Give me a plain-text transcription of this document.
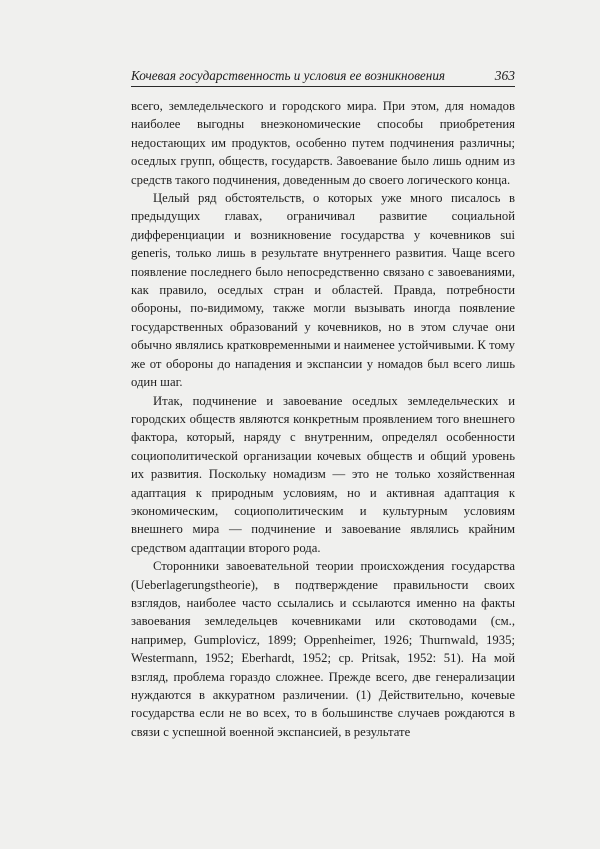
Кочевая государственность и условия ее возникновения	363

всего, земледельческого и городского мира. При этом, для номадов наиболее выгодны внеэкономические способы приобретения недостающих им продуктов, особенно путем подчинения различны; оседлых групп, обществ, государств. Завоевание было лишь одним из средств такого подчинения, доведенным до своего логического конца.

Целый ряд обстоятельств, о которых уже много писалось в предыдущих главах, ограничивал развитие социальной дифференциации и возникновение государства у кочевников sui generis, только лишь в результате внутреннего развития. Чаще всего появление последнего было непосредственно связано с завоеваниями, как правило, оседлых стран и областей. Правда, потребности обороны, по-видимому, также могли вызывать иногда появление государственных образований у кочевников, но в этом случае они обычно являлись кратковременными и наименее устойчивыми. К тому же от обороны до нападения и экспансии у номадов был всего лишь один шаг.

Итак, подчинение и завоевание оседлых земледельческих и городских обществ являются конкретным проявлением того внешнего фактора, который, наряду с внутренним, определял особенности социополитической организации кочевых обществ и общий уровень их развития. Поскольку номадизм — это не только хозяйственная адаптация к природным условиям, но и активная адаптация к экономическим, социополитическим и культурным условиям внешнего мира — подчинение и завоевание являлись крайним средством адаптации второго рода.

Сторонники завоевательной теории происхождения государства (Ueberlagerungstheorie), в подтверждение правильности своих взглядов, наиболее часто ссылались и ссылаются именно на факты завоевания земледельцев кочевниками или скотоводами (см., например, Gumplovicz, 1899; Oppenheimer, 1926; Thurnwald, 1935; Westermann, 1952; Eberhardt, 1952; cp. Pritsak, 1952: 51). На мой взгляд, проблема гораздо сложнее. Прежде всего, две генерализации нуждаются в аккуратном различении. (1) Действительно, кочевые государства если не во всех, то в большинстве случаев рождаются в связи с успешной военной экспансией, в результате
